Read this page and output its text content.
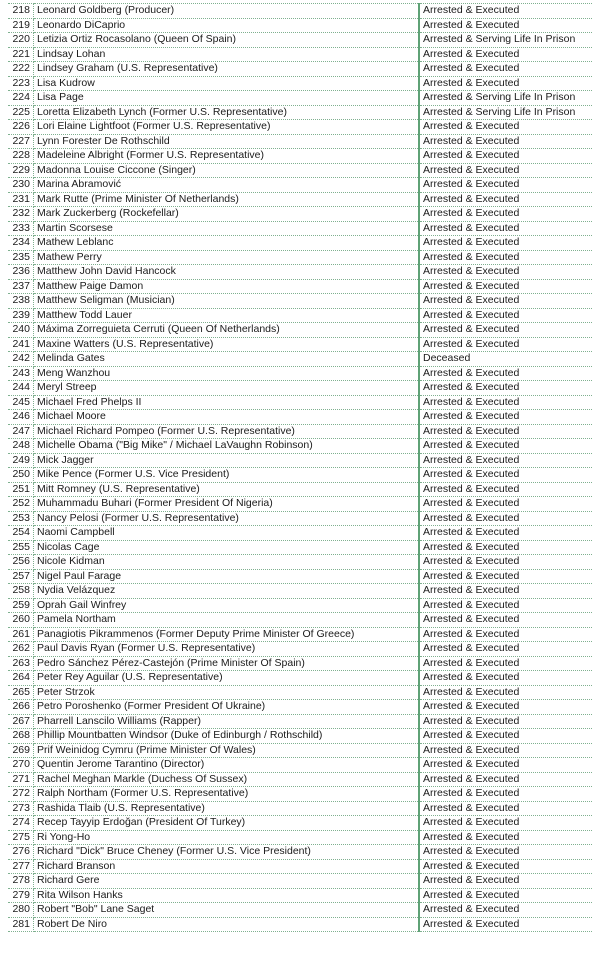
218	Leonard Goldberg (Producer)	Arrested & Executed
219	Leonardo DiCaprio	Arrested & Executed
220	Letizia Ortiz Rocasolano (Queen Of Spain)	Arrested & Serving Life In Prison
221	Lindsay Lohan	Arrested & Executed
222	Lindsey Graham (U.S. Representative)	Arrested & Executed
223	Lisa Kudrow	Arrested & Executed
224	Lisa Page	Arrested & Serving Life In Prison
225	Loretta Elizabeth Lynch (Former U.S. Representative)	Arrested & Serving Life In Prison
226	Lori Elaine Lightfoot (Former U.S. Representative)	Arrested & Executed
227	Lynn Forester De Rothschild	Arrested & Executed
228	Madeleine Albright (Former U.S. Representative)	Arrested & Executed
229	Madonna Louise Ciccone (Singer)	Arrested & Executed
230	Marina Abramović	Arrested & Executed
231	Mark Rutte (Prime Minister Of Netherlands)	Arrested & Executed
232	Mark Zuckerberg (Rockefellar)	Arrested & Executed
233	Martin Scorsese	Arrested & Executed
234	Mathew Leblanc	Arrested & Executed
235	Mathew Perry	Arrested & Executed
236	Matthew John David Hancock	Arrested & Executed
237	Matthew Paige Damon	Arrested & Executed
238	Matthew Seligman (Musician)	Arrested & Executed
239	Matthew Todd Lauer	Arrested & Executed
240	Máxima Zorreguieta Cerruti (Queen Of Netherlands)	Arrested & Executed
241	Maxine Watters (U.S. Representative)	Arrested & Executed
242	Melinda Gates	Deceased
243	Meng Wanzhou	Arrested & Executed
244	Meryl Streep	Arrested & Executed
245	Michael Fred Phelps II	Arrested & Executed
246	Michael Moore	Arrested & Executed
247	Michael Richard Pompeo (Former U.S. Representative)	Arrested & Executed
248	Michelle Obama ("Big Mike" / Michael LaVaughn Robinson)	Arrested & Executed
249	Mick Jagger	Arrested & Executed
250	Mike Pence (Former U.S. Vice President)	Arrested & Executed
251	Mitt Romney (U.S. Representative)	Arrested & Executed
252	Muhammadu Buhari (Former President Of Nigeria)	Arrested & Executed
253	Nancy Pelosi (Former U.S. Representative)	Arrested & Executed
254	Naomi Campbell	Arrested & Executed
255	Nicolas Cage	Arrested & Executed
256	Nicole Kidman	Arrested & Executed
257	Nigel Paul Farage	Arrested & Executed
258	Nydia Velázquez	Arrested & Executed
259	Oprah Gail Winfrey	Arrested & Executed
260	Pamela Northam	Arrested & Executed
261	Panagiotis Pikrammenos (Former Deputy Prime Minister Of Greece)	Arrested & Executed
262	Paul Davis Ryan (Former U.S. Representative)	Arrested & Executed
263	Pedro Sánchez Pérez-Castejón (Prime Minister Of Spain)	Arrested & Executed
264	Peter Rey Aguilar (U.S. Representative)	Arrested & Executed
265	Peter Strzok	Arrested & Executed
266	Petro Poroshenko (Former President Of Ukraine)	Arrested & Executed
267	Pharrell Lanscilo Williams (Rapper)	Arrested & Executed
268	Phillip Mountbatten Windsor (Duke of Edinburgh / Rothschild)	Arrested & Executed
269	Prif Weinidog Cymru (Prime Minister Of Wales)	Arrested & Executed
270	Quentin Jerome Tarantino (Director)	Arrested & Executed
271	Rachel Meghan Markle (Duchess Of Sussex)	Arrested & Executed
272	Ralph Northam (Former U.S. Representative)	Arrested & Executed
273	Rashida Tlaib (U.S. Representative)	Arrested & Executed
274	Recep Tayyip Erdoğan (President Of Turkey)	Arrested & Executed
275	Ri Yong-Ho	Arrested & Executed
276	Richard "Dick" Bruce Cheney (Former U.S. Vice President)	Arrested & Executed
277	Richard Branson	Arrested & Executed
278	Richard Gere	Arrested & Executed
279	Rita Wilson Hanks	Arrested & Executed
280	Robert "Bob" Lane Saget	Arrested & Executed
281	Robert De Niro	Arrested & Executed
